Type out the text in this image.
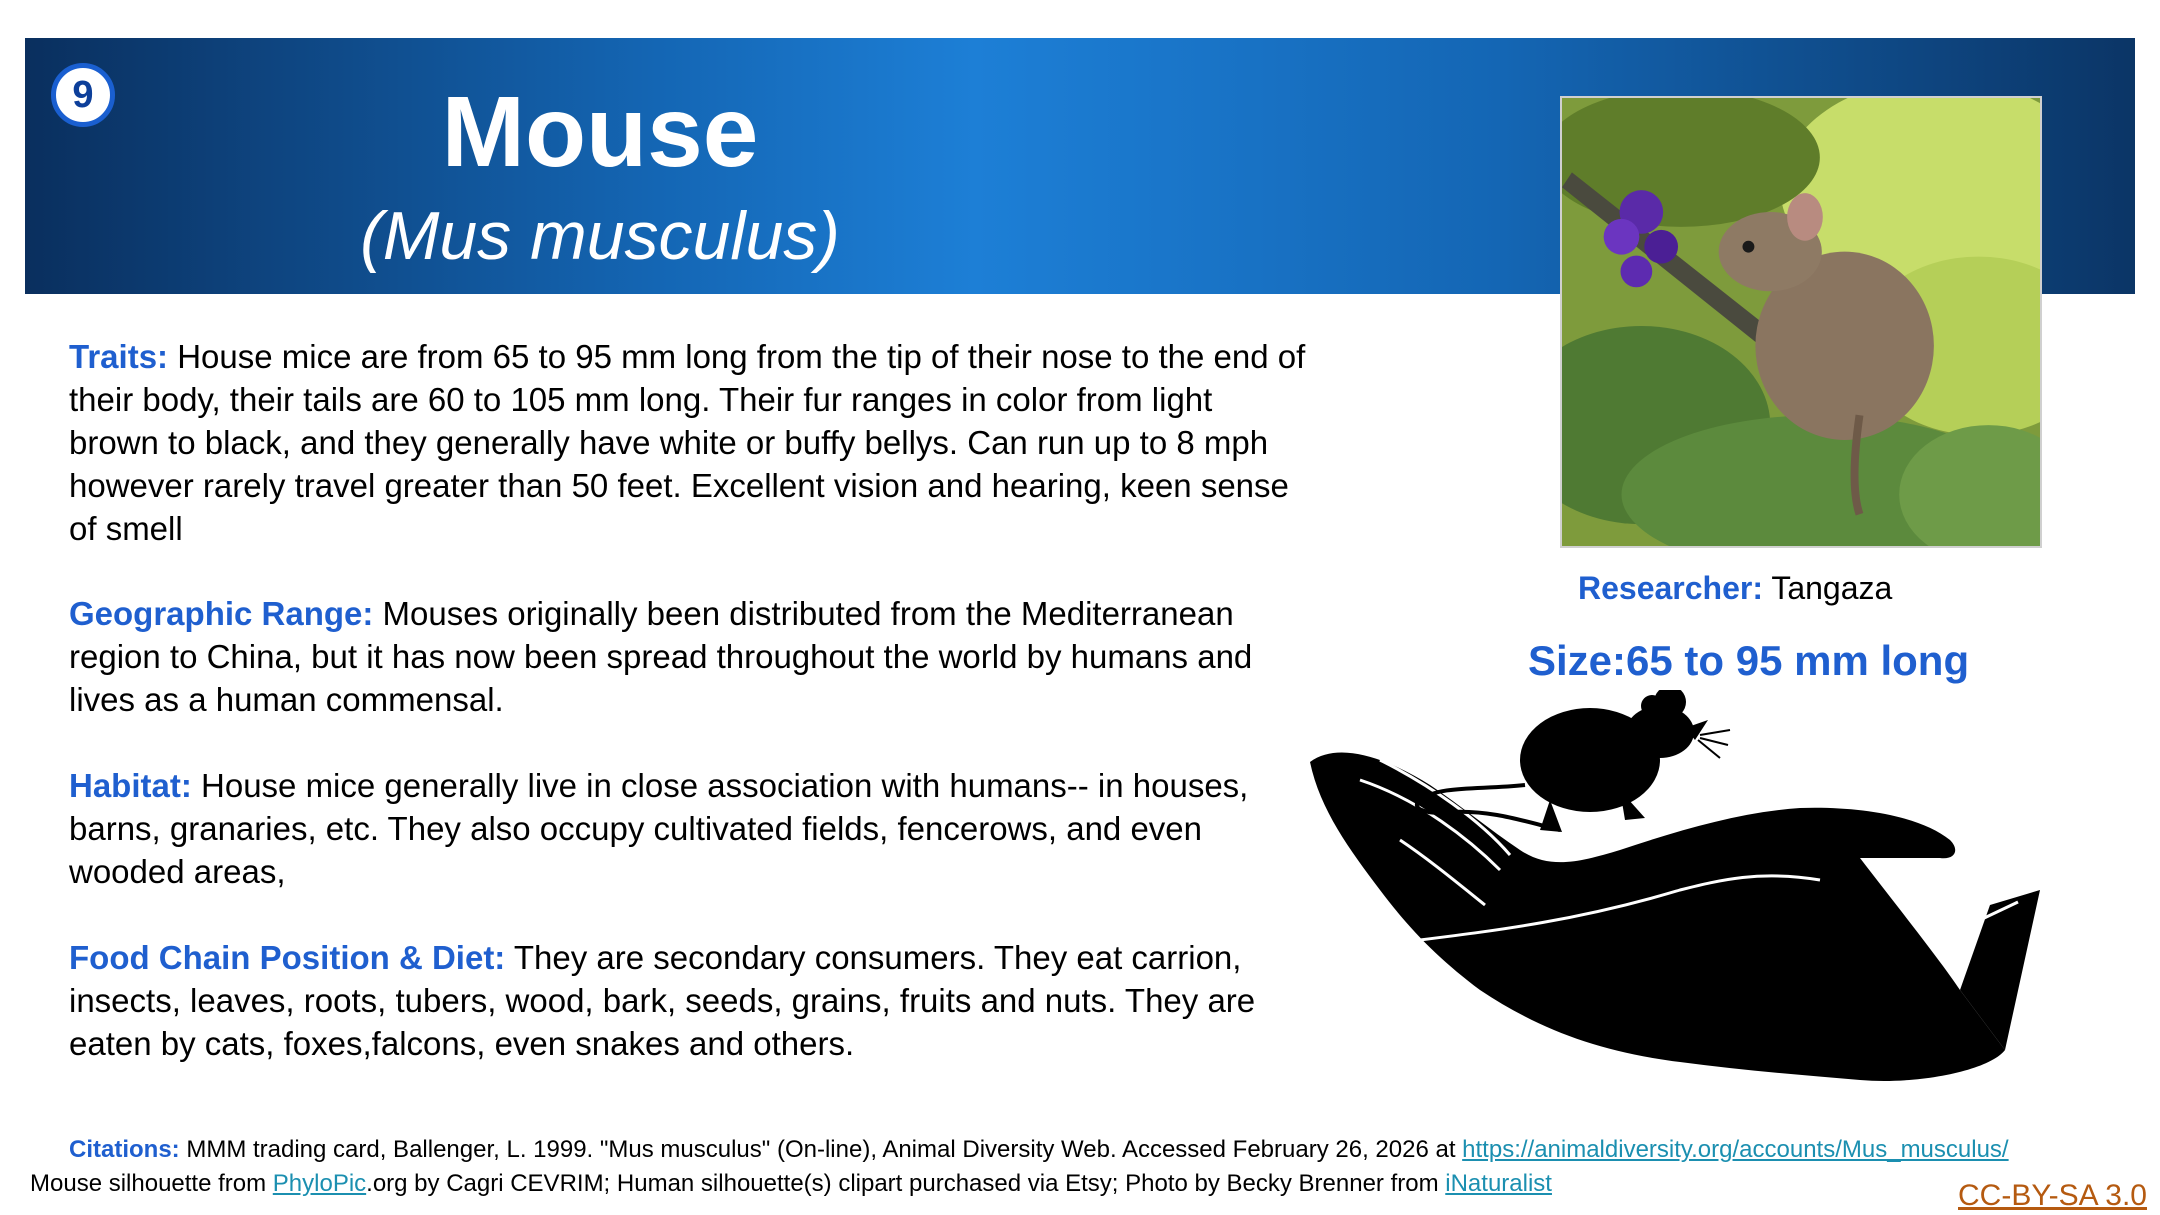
9	Mouse
(Mus musculus)

Traits: House mice are from 65 to 95 mm long from the tip of their nose to the end of their body, their tails are 60 to 105 mm long. Their fur ranges in color from light brown to black, and they generally have white or buffy bellys. Can run up to 8 mph however rarely travel greater than 50 feet. Excellent vision and hearing, keen sense of smell

Geographic Range: Mouses originally been distributed from the Mediterranean region to China, but it has now been spread throughout the world by humans and lives as a human commensal.

Habitat: House mice generally live in close association with humans-- in houses, barns, granaries, etc. They also occupy cultivated fields, fencerows, and even wooded areas,

Food Chain Position & Diet: They are secondary consumers. They eat carrion, insects, leaves, roots, tubers, wood, bark, seeds, grains, fruits and nuts. They are eaten by cats, foxes,falcons, even snakes and others.

Researcher: Tangaza
Size:65 to 95 mm long
Citations: MMM trading card, Ballenger, L. 1999. "Mus musculus" (On-line), Animal Diversity Web. Accessed February 26, 2026 at https://animaldiversity.org/accounts/Mus_musculus/
Mouse silhouette from PhyloPic.org by Cagri CEVRIM; Human silhouette(s) clipart purchased via Etsy; Photo by Becky Brenner from iNaturalist	CC-BY-SA 3.0
